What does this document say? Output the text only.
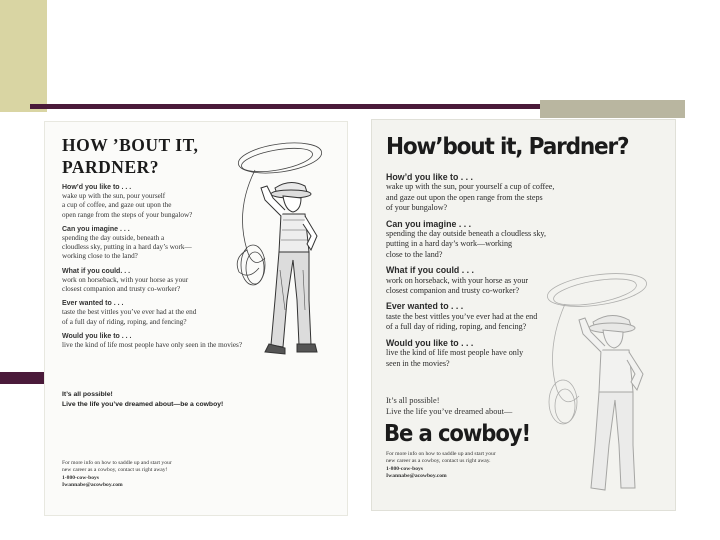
HOW ’BOUT IT,
PARDNER?
How’d you like to . . .
wake up with the sun, pour yourself
a cup of coffee, and gaze out upon the
open range from the steps of your bungalow?
Can you imagine . . .
spending the day outside, beneath a
cloudless sky, putting in a hard day’s work—
working close to the land?
What if you could. . .
work on horseback, with your horse as your
closest companion and trusty co-worker?
Ever wanted to . . .
taste the best vittles you’ve ever had at the end
of a full day of riding, roping, and fencing?
Would you like to . . .
live the kind of life most people have only seen in the movies?
It’s all possible!
Live the life you’ve dreamed about—be a cowboy!
For more info on how to saddle up and start your
new career as a cowboy, contact us right away!
1-800-cow-boys
Iwannabe@acowboy.com
How’bout it, Pardner?
How’d you like to . . .
wake up with the sun, pour yourself a cup of coffee,
and gaze out upon the open range from the steps
of your bungalow?
Can you imagine . . .
spending the day outside beneath a cloudless sky,
putting in a hard day’s work—working
close to the land?
What if you could . . .
work on horseback, with your horse as your
closest companion and trusty co-worker?
Ever wanted to . . .
taste the best vittles you’ve ever had at the end
of a full day of riding, roping, and fencing?
Would you like to . . .
live the kind of life most people have only
seen in the movies?
It’s all possible!
Live the life you’ve dreamed about—
Be a cowboy!
For more info on how to saddle up and start your
new career as a cowboy, contact us right away.
1-800-cow-boys
Iwannabe@acowboy.com
